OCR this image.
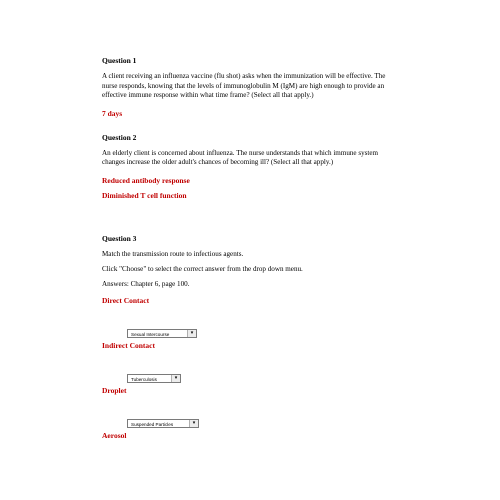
Question 1
A client receiving an influenza vaccine (flu shot) asks when the immunization will be effective. The nurse responds, knowing that the levels of immunoglobulin M (IgM) are high enough to provide an effective immune response within what time frame? (Select all that apply.)
7 days
Question 2
An elderly client is concerned about influenza. The nurse understands that which immune system changes increase the older adult's chances of becoming ill? (Select all that apply.)
Reduced antibody response
Diminished T cell function
Question 3
Match the transmission route to infectious agents.
Click "Choose" to select the correct answer from the drop down menu.
Answers: Chapter 6, page 100.
Direct Contact
Sexual Intercourse	▾
Indirect Contact
Tuberculosis	▾
Droplet
Suspended Particles	▾
Aerosol
